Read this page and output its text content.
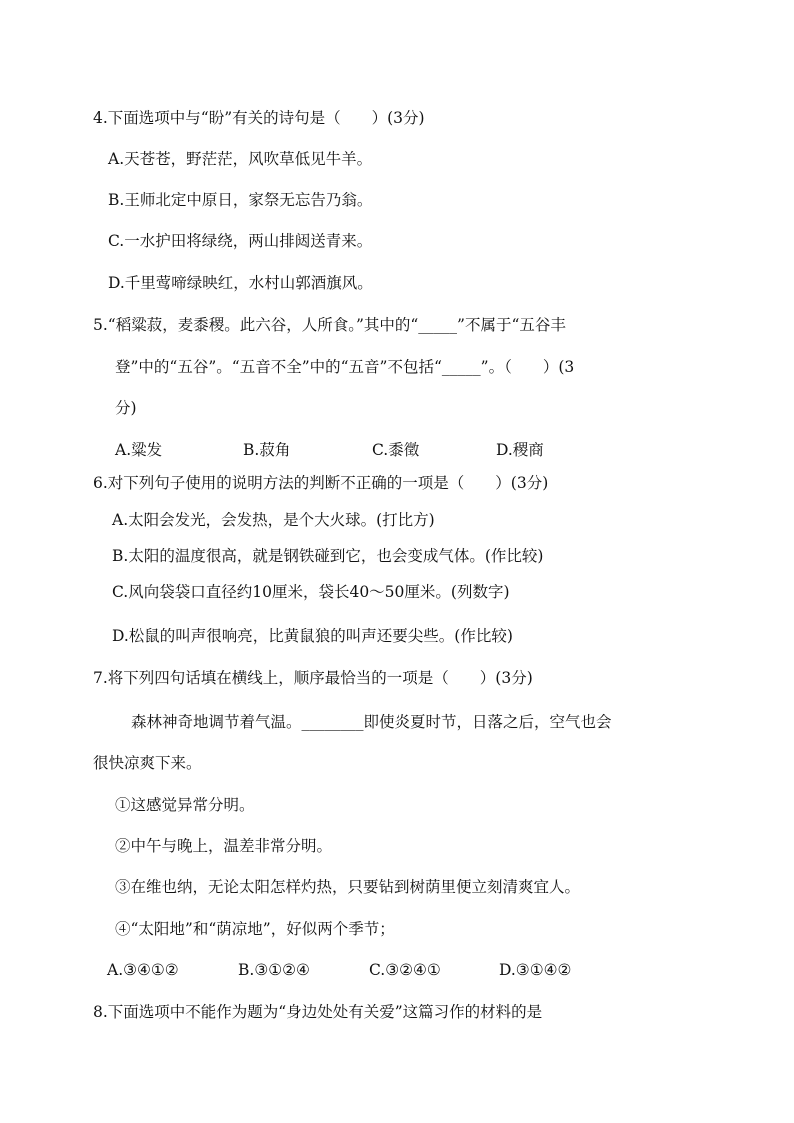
4.下面选项中与“盼”有关的诗句是（　　）(3分)
A.天苍苍，野茫茫，风吹草低见牛羊。
B.王师北定中原日，家祭无忘告乃翁。
C.一水护田将绿绕，两山排闼送青来。
D.千里莺啼绿映红，水村山郭酒旗风。
5.“稻粱菽，麦黍稷。此六谷，人所食。”其中的“_____”不属于“五谷丰
登”中的“五谷”。“五音不全”中的“五音”不包括“_____”。（　　）(3
分)
A.粱发	B.菽角	C.黍徵	D.稷商
6.对下列句子使用的说明方法的判断不正确的一项是（　　）(3分)
A.太阳会发光，会发热，是个大火球。(打比方)
B.太阳的温度很高，就是钢铁碰到它，也会变成气体。(作比较)
C.风向袋袋口直径约10厘米，袋长40～50厘米。(列数字)
D.松鼠的叫声很响亮，比黄鼠狼的叫声还要尖些。(作比较)
7.将下列四句话填在横线上，顺序最恰当的一项是（　　）(3分)
森林神奇地调节着气温。________即使炎夏时节，日落之后，空气也会
很快凉爽下来。
①这感觉异常分明。
②中午与晚上，温差非常分明。
③在维也纳，无论太阳怎样灼热，只要钻到树荫里便立刻清爽宜人。
④“太阳地”和“荫凉地”，好似两个季节；
A.③④①②	B.③①②④	C.③②④①	D.③①④②
8.下面选项中不能作为题为“身边处处有关爱”这篇习作的材料的是
